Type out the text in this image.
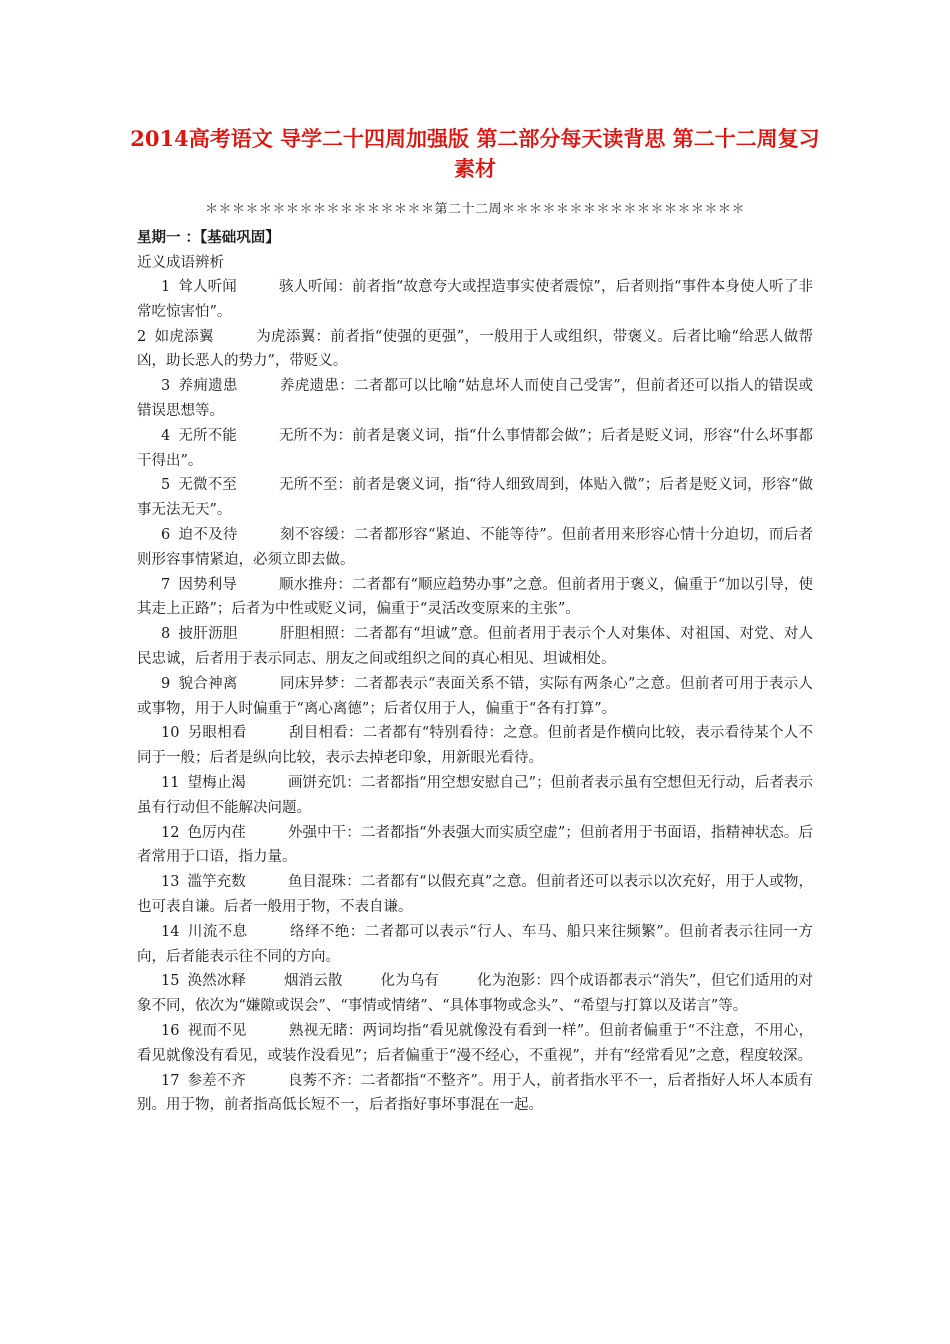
2014高考语文 导学二十四周加强版 第二部分每天读背思 第二十二周复习素材
＊＊＊＊＊＊＊＊＊＊＊＊＊＊＊＊＊第二十二周＊＊＊＊＊＊＊＊＊＊＊＊＊＊＊＊＊＊
星期一 ：【基础巩固】
近义成语辨析

1 耸人听闻	骇人听闻：前者指“故意夸大或捏造事实使者震惊”，后者则指“事件本身使人听了非常吃惊害怕”。

2 如虎添翼	为虎添翼：前者指“使强的更强”，一般用于人或组织，带褒义。后者比喻“给恶人做帮凶，助长恶人的势力”，带贬义。

3 养痈遗患	养虎遗患：二者都可以比喻“姑息坏人而使自己受害”，但前者还可以指人的错误或错误思想等。

4 无所不能	无所不为：前者是褒义词，指“什么事情都会做”；后者是贬义词，形容“什么坏事都干得出”。

5 无微不至	无所不至：前者是褒义词，指“待人细致周到，体贴入微”；后者是贬义词，形容“做事无法无天”。

6 迫不及待	刻不容缓：二者都形容“紧迫、不能等待”。但前者用来形容心情十分迫切，而后者则形容事情紧迫，必须立即去做。

7 因势利导	顺水推舟：二者都有“顺应趋势办事”之意。但前者用于褒义，偏重于“加以引导，使其走上正路”；后者为中性或贬义词，偏重于“灵活改变原来的主张”。

8 披肝沥胆	肝胆相照：二者都有“坦诚”意。但前者用于表示个人对集体、对祖国、对党、对人民忠诚，后者用于表示同志、朋友之间或组织之间的真心相见、坦诚相处。

9 貌合神离	同床异梦：二者都表示“表面关系不错，实际有两条心”之意。但前者可用于表示人或事物，用于人时偏重于“离心离德”；后者仅用于人，偏重于“各有打算”。

10 另眼相看	刮目相看：二者都有“特别看待：之意。但前者是作横向比较，表示看待某个人不同于一般；后者是纵向比较，表示去掉老印象，用新眼光看待。

11 望梅止渴	画饼充饥：二者都指“用空想安慰自己”；但前者表示虽有空想但无行动，后者表示虽有行动但不能解决问题。

12 色厉内荏	外强中干：二者都指“外表强大而实质空虚”；但前者用于书面语，指精神状态。后者常用于口语，指力量。

13 滥竽充数	鱼目混珠：二者都有“以假充真”之意。但前者还可以表示以次充好，用于人或物，也可表自谦。后者一般用于物，不表自谦。

14 川流不息	络绎不绝：二者都可以表示“行人、车马、船只来往频繁”。但前者表示往同一方向，后者能表示往不同的方向。

15 涣然冰释	烟消云散	化为乌有	化为泡影：四个成语都表示“消失”，但它们适用的对象不同，依次为“嫌隙或误会”、“事情或情绪”、“具体事物或念头”、“希望与打算以及诺言”等。

16 视而不见	熟视无睹：两词均指“看见就像没有看到一样”。但前者偏重于“不注意，不用心，看见就像没有看见，或装作没看见”；后者偏重于“漫不经心，不重视”，并有“经常看见”之意，程度较深。

17 参差不齐	良莠不齐：二者都指“不整齐”。用于人，前者指水平不一，后者指好人坏人本质有别。用于物，前者指高低长短不一，后者指好事坏事混在一起。
